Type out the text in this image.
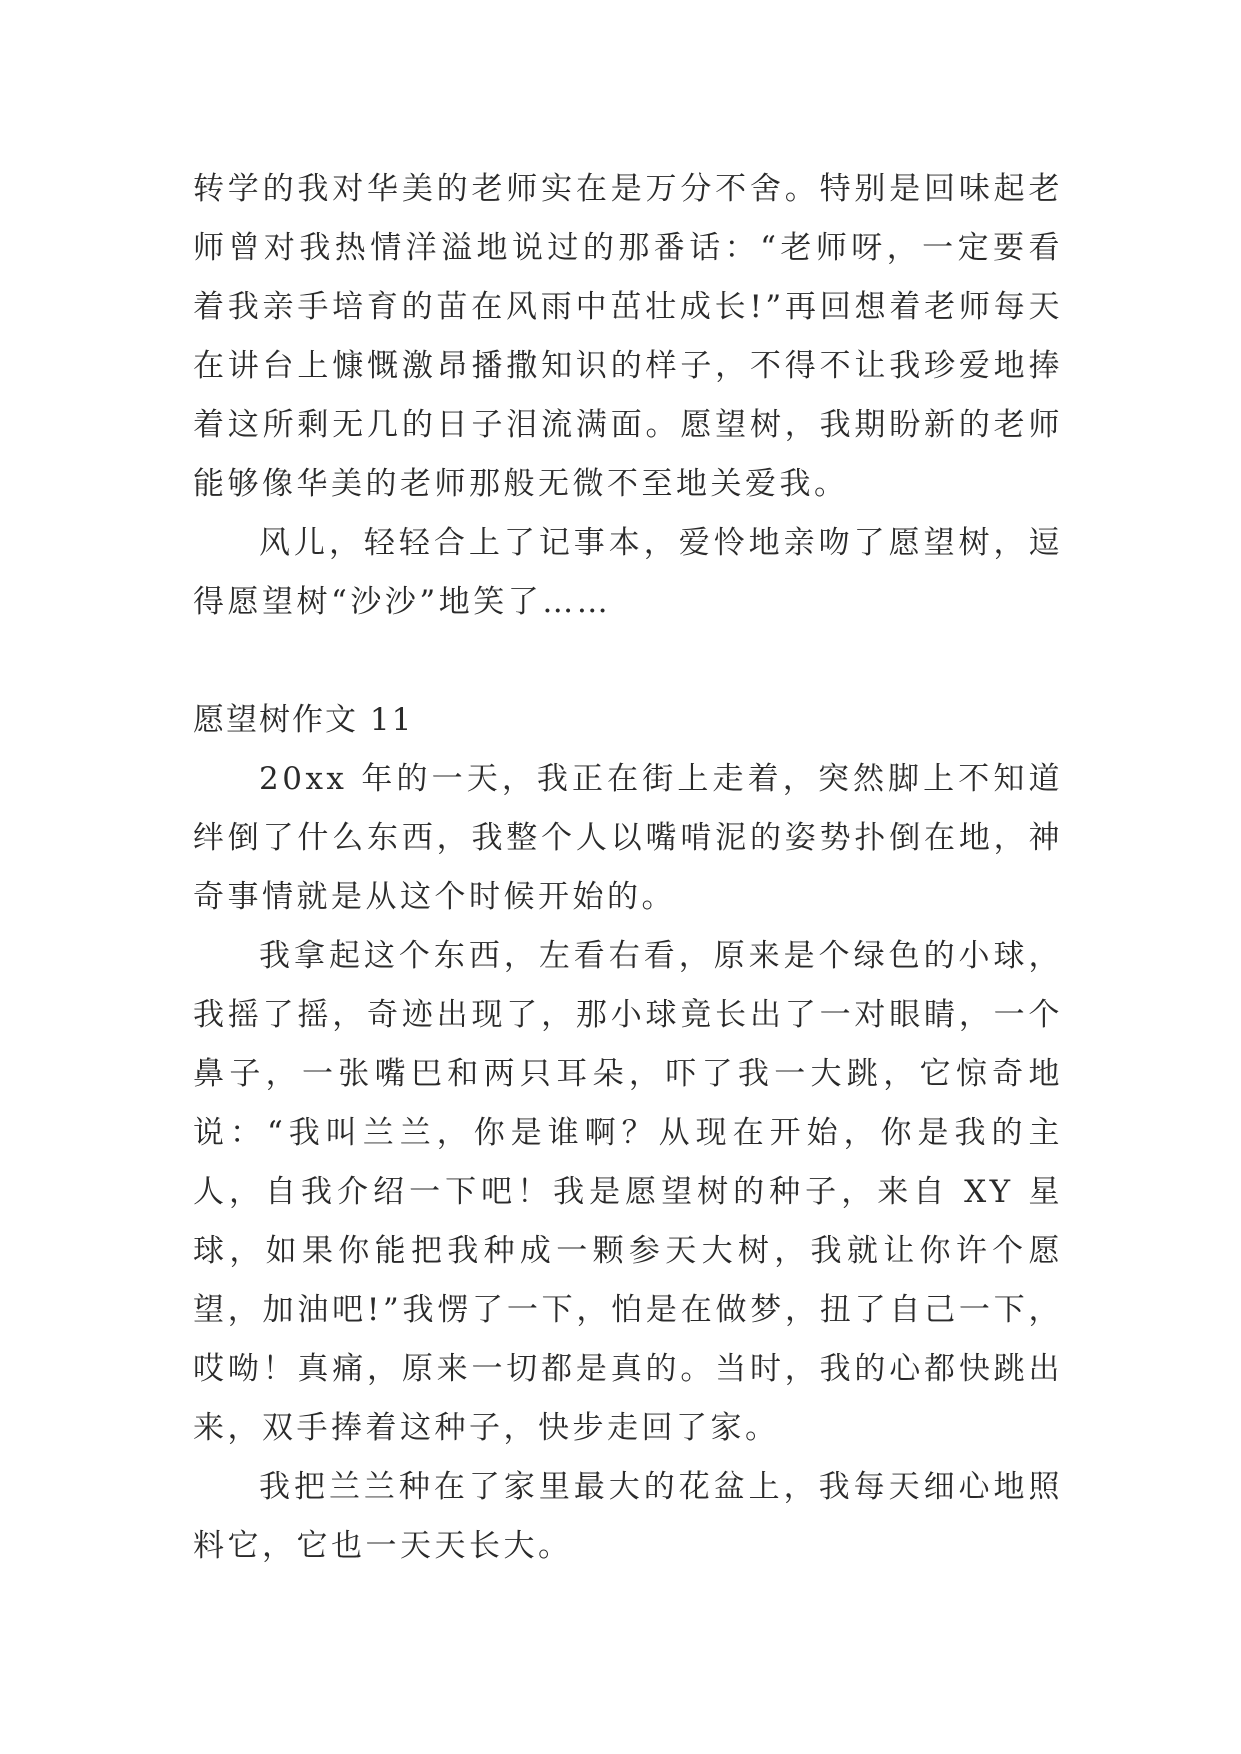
转学的我对华美的老师实在是万分不舍。特别是回味起老师曾对我热情洋溢地说过的那番话：“老师呀，一定要看着我亲手培育的苗在风雨中茁壮成长!”再回想着老师每天在讲台上慷慨激昂播撒知识的样子，不得不让我珍爱地捧着这所剩无几的日子泪流满面。愿望树，我期盼新的老师能够像华美的老师那般无微不至地关爱我。

风儿，轻轻合上了记事本，爱怜地亲吻了愿望树，逗得愿望树“沙沙”地笑了……

愿望树作文 11

20xx 年的一天，我正在街上走着，突然脚上不知道绊倒了什么东西，我整个人以嘴啃泥的姿势扑倒在地，神奇事情就是从这个时候开始的。

我拿起这个东西，左看右看，原来是个绿色的小球，我摇了摇，奇迹出现了，那小球竟长出了一对眼睛，一个鼻子，一张嘴巴和两只耳朵，吓了我一大跳，它惊奇地说：“我叫兰兰，你是谁啊？从现在开始，你是我的主人，自我介绍一下吧！我是愿望树的种子，来自 XY 星球，如果你能把我种成一颗参天大树，我就让你许个愿望，加油吧!”我愣了一下，怕是在做梦，扭了自己一下，哎呦！真痛，原来一切都是真的。当时，我的心都快跳出来，双手捧着这种子，快步走回了家。

我把兰兰种在了家里最大的花盆上，我每天细心地照料它，它也一天天长大。
